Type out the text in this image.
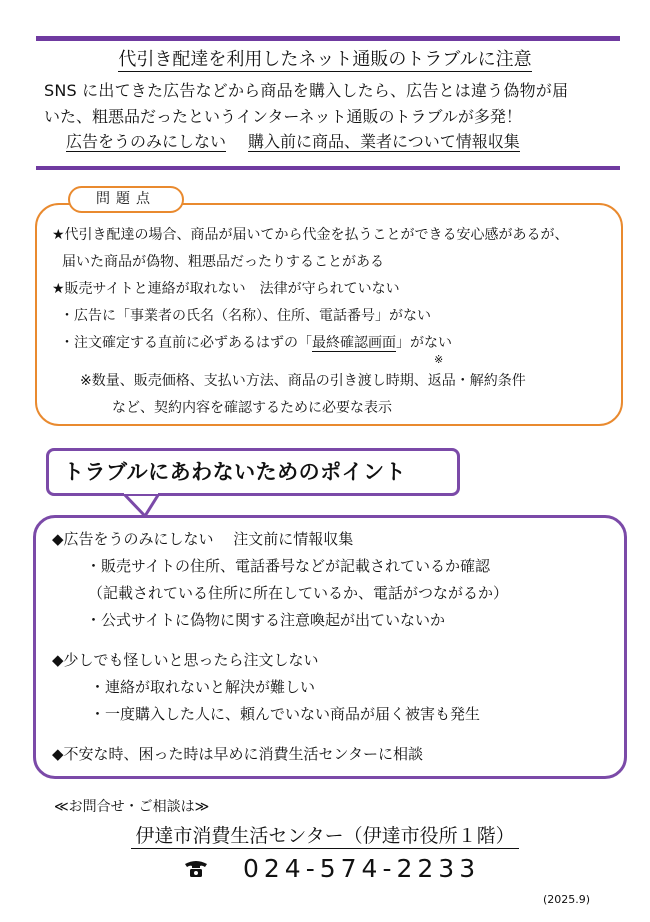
代引き配達を利用したネット通販のトラブルに注意
SNS に出てきた広告などから商品を購入したら、広告とは違う偽物が届
いた、粗悪品だったというインターネット通販のトラブルが多発！
広告をうのみにしない 購入前に商品、業者について情報収集
問題点
★代引き配達の場合、商品が届いてから代金を払うことができる安心感があるが、
届いた商品が偽物、粗悪品だったりすることがある
★販売サイトと連絡が取れない　法律が守られていない
・広告に「事業者の氏名（名称）、住所、電話番号」がない
・注文確定する直前に必ずあるはずの「最終確認画面」がない
※
※数量、販売価格、支払い方法、商品の引き渡し時期、返品・解約条件
など、契約内容を確認するために必要な表示
トラブルにあわないためのポイント
◆広告をうのみにしない　 注文前に情報収集
・販売サイトの住所、電話番号などが記載されているか確認
（記載されている住所に所在しているか、電話がつながるか）
・公式サイトに偽物に関する注意喚起が出ていないか
◆少しでも怪しいと思ったら注文しない
・連絡が取れないと解決が難しい
・一度購入した人に、頼んでいない商品が届く被害も発生
◆不安な時、困った時は早めに消費生活センターに相談
≪お問合せ・ご相談は≫
伊達市消費生活センター（伊達市役所１階）
024-574-2233
(2025.9)
